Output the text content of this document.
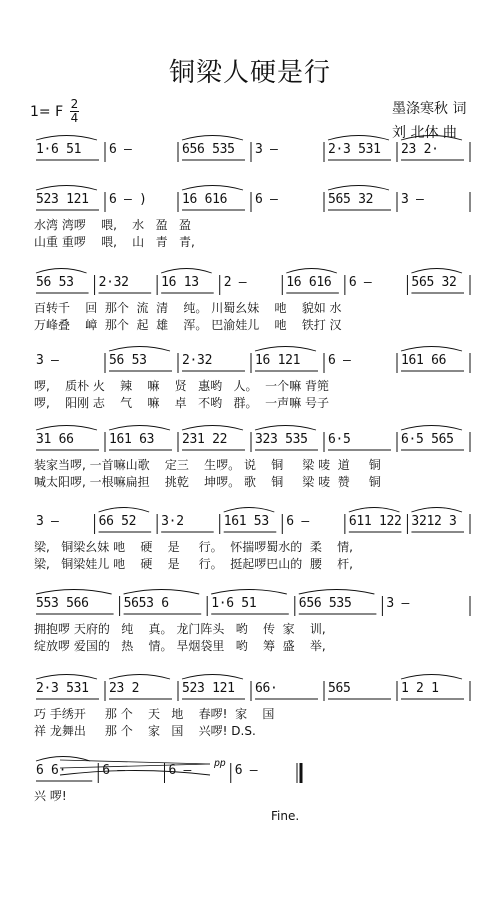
铜梁人硬是行
1= F 2
4
墨涤寒秋 词
刘 北休 曲
1·6 51 6 –	656 535 3 –	2·3 531 23 2·
523 121 6 – )	16 616 6 –	565 32 3 –
水湾 湾啰    喂,    水   盈   盈
山重 重啰    喂,    山   青   青,
56 53 2·32 16 13 2 –	16 616 6 –	565 32
百转千    回  那个  流  清    纯。 川蜀幺妹    吔    貌如 水
万峰叠    嶂  那个  起  雄    浑。 巴渝娃儿    吔    铁打 汉
3 –	56 53	2·32	16 121 6 –	161 66
啰,    质朴 火    辣    嘛    贤   惠哟   人。  一个嘛 背篼
啰,    阳刚 志    气    嘛    卓   不哟   群。  一声嘛 号子
31 66	161 63 231 22 323 535 6·5	6·5 565
装家当啰, 一首嘛山歌    定三    生啰。 说    铜     梁 唛  道     铜
喊太阳啰, 一根嘛扁担    挑乾    坤啰。 歌    铜     梁 唛  赞     铜
3 –	66 52 3·2	161 53 6 –	611 122 3212 3
梁,   铜梁幺妹 吔    硬    是     行。  怀揣啰蜀水的  柔    情,
梁,   铜梁娃儿 吔    硬    是     行。  挺起啰巴山的  腰    杆,
553 566	5653 6	1·6 51	656 535	3 –
拥抱啰 天府的   纯    真。 龙门阵头   哟    传  家    训,
绽放啰 爱国的   热    情。 旱烟袋里   哟    筹  盛    举,
2·3 531 23 2	523 121 66·	565	1 2 1
巧 手绣开     那 个    天   地    春啰!  家    国
祥 龙舞出     那 个    家   国    兴啰! D.S.
6 6·	6 –	6 –	6 –
兴 啰!
pp
Fine.
